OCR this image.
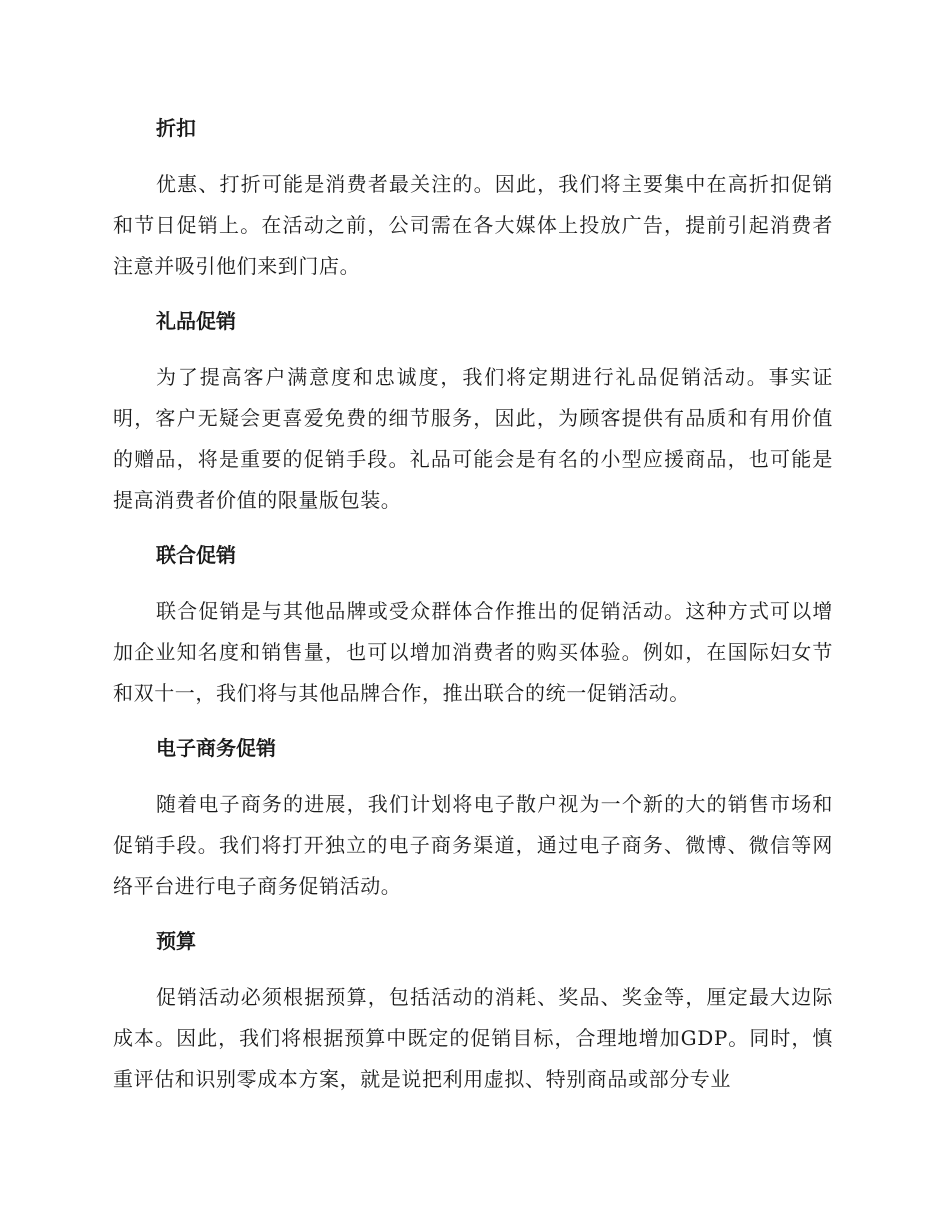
折扣

优惠、打折可能是消费者最关注的。因此，我们将主要集中在高折扣促销和节日促销上。在活动之前，公司需在各大媒体上投放广告，提前引起消费者注意并吸引他们来到门店。

礼品促销

为了提高客户满意度和忠诚度，我们将定期进行礼品促销活动。事实证明，客户无疑会更喜爱免费的细节服务，因此，为顾客提供有品质和有用价值的赠品，将是重要的促销手段。礼品可能会是有名的小型应援商品，也可能是提高消费者价值的限量版包装。

联合促销

联合促销是与其他品牌或受众群体合作推出的促销活动。这种方式可以增加企业知名度和销售量，也可以增加消费者的购买体验。例如，在国际妇女节和双十一，我们将与其他品牌合作，推出联合的统一促销活动。

电子商务促销

随着电子商务的进展，我们计划将电子散户视为一个新的大的销售市场和促销手段。我们将打开独立的电子商务渠道，通过电子商务、微博、微信等网络平台进行电子商务促销活动。

预算

促销活动必须根据预算，包括活动的消耗、奖品、奖金等，厘定最大边际成本。因此，我们将根据预算中既定的促销目标，合理地增加GDP。同时，慎重评估和识别零成本方案，就是说把利用虚拟、特别商品或部分专业
